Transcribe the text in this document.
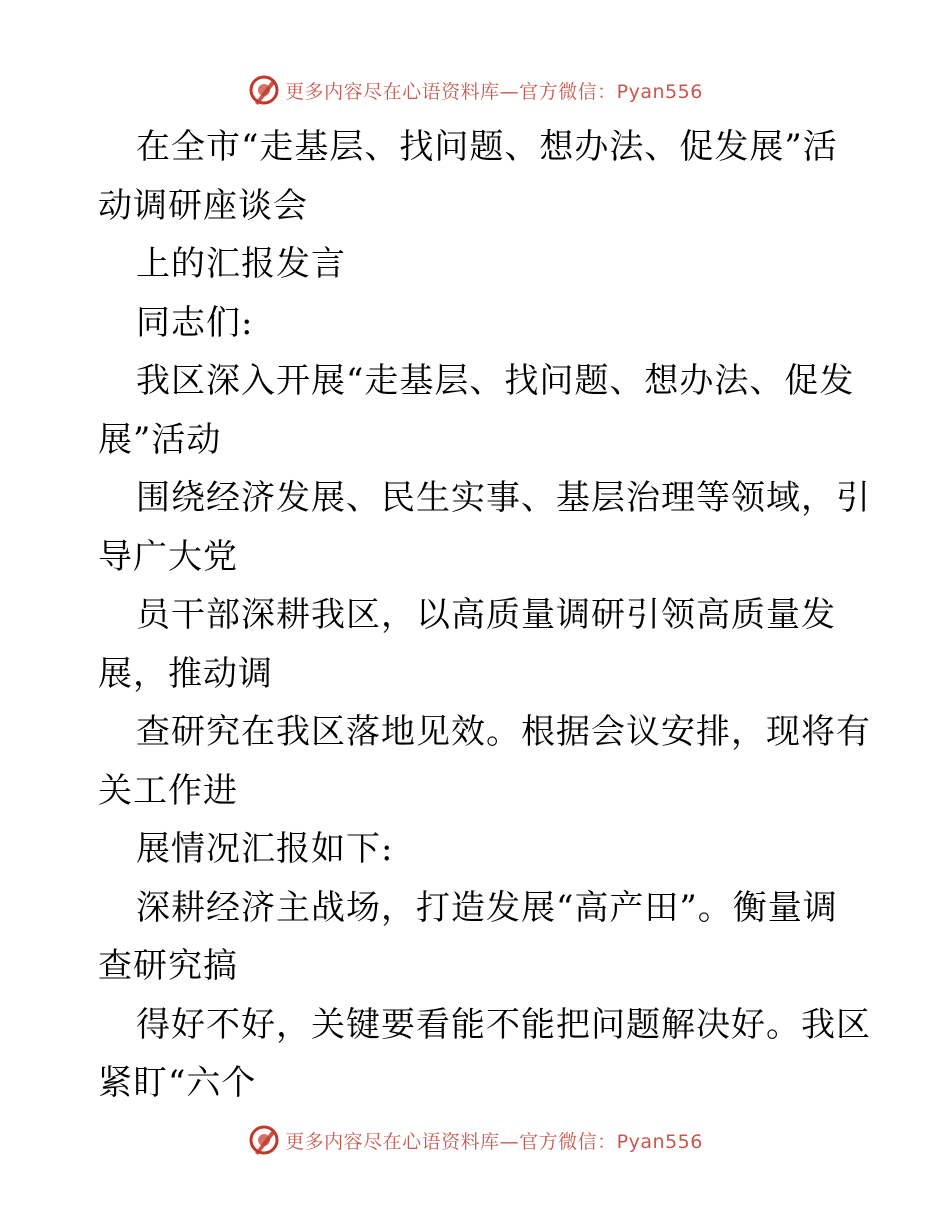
更多内容尽在心语资料库—官方微信：Pyan556
在全市“走基层、找问题、想办法、促发展”活
动调研座谈会
上的汇报发言
同志们:
我区深入开展“走基层、找问题、想办法、促发
展”活动
围绕经济发展、民生实事、基层治理等领域，引
导广大党
员干部深耕我区，以高质量调研引领高质量发
展，推动调
查研究在我区落地见效。根据会议安排，现将有
关工作进
展情况汇报如下:
深耕经济主战场，打造发展“高产田”。衡量调
查研究搞
得好不好，关键要看能不能把问题解决好。我区
紧盯“六个
更多内容尽在心语资料库—官方微信：Pyan556
